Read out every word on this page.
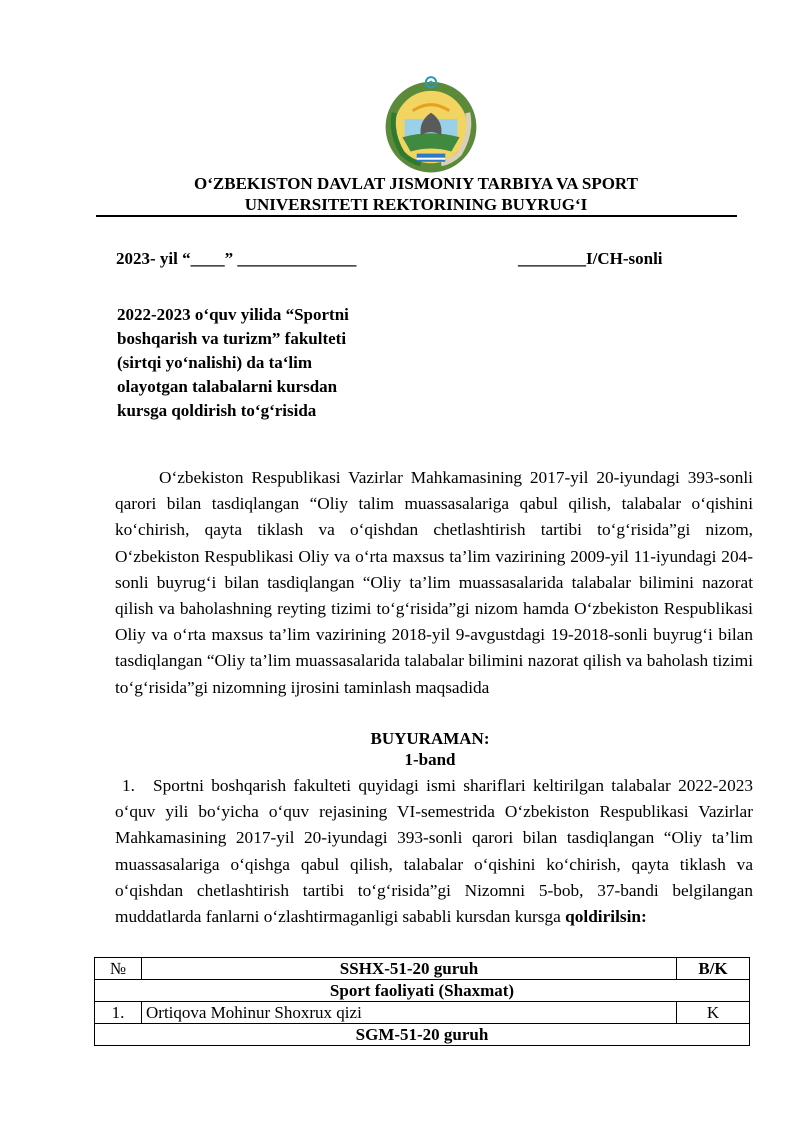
O‘ZBEKISTON DAVLAT JISMONIY TARBIYA VA SPORT
UNIVERSITETI REKTORINING BUYRUG‘I
2023- yil “____” ______________	________I/CH-sonli
2022-2023 o‘quv yilida “Sportni
boshqarish va turizm” fakulteti
(sirtqi yo‘nalishi) da ta‘lim
olayotgan talabalarni kursdan
kursga qoldirish to‘g‘risida

O‘zbekiston Respublikasi Vazirlar Mahkamasining 2017-yil 20-iyundagi 393-sonli qarori bilan tasdiqlangan “Oliy talim muassasalariga qabul qilish, talabalar o‘qishini ko‘chirish, qayta tiklash va o‘qishdan chetlashtirish tartibi to‘g‘risida”gi nizom, O‘zbekiston Respublikasi Oliy va o‘rta maxsus ta’lim vazirining 2009-yil 11-iyundagi 204-sonli buyrug‘i bilan tasdiqlangan “Oliy ta’lim muassasalarida talabalar bilimini nazorat qilish va baholashning reyting tizimi to‘g‘risida”gi nizom hamda O‘zbekiston Respublikasi Oliy va o‘rta maxsus ta’lim vazirining 2018-yil 9-avgustdagi 19-2018-sonli buyrug‘i bilan tasdiqlangan “Oliy ta’lim muassasalarida talabalar bilimini nazorat qilish va baholash tizimi to‘g‘risida”gi nizomning ijrosini taminlash maqsadida

BUYURAMAN:
1-band

1. Sportni boshqarish fakulteti quyidagi ismi shariflari keltirilgan talabalar 2022-2023 o‘quv yili bo‘yicha o‘quv rejasining VI-semestrida O‘zbekiston Respublikasi Vazirlar Mahkamasining 2017-yil 20-iyundagi 393-sonli qarori bilan tasdiqlangan “Oliy ta’lim muassasalariga o‘qishga qabul qilish, talabalar o‘qishini ko‘chirish, qayta tiklash va o‘qishdan chetlashtirish tartibi to‘g‘risida”gi Nizomni 5-bob, 37-bandi belgilangan muddatlarda fanlarni o‘zlashtirmaganligi sababli kursdan kursga qoldirilsin:

№	SSHX-51-20 guruh	B/K
Sport faoliyati (Shaxmat)		
1.	Ortiqova Mohinur Shoxrux qizi	K
SGM-51-20 guruh		
